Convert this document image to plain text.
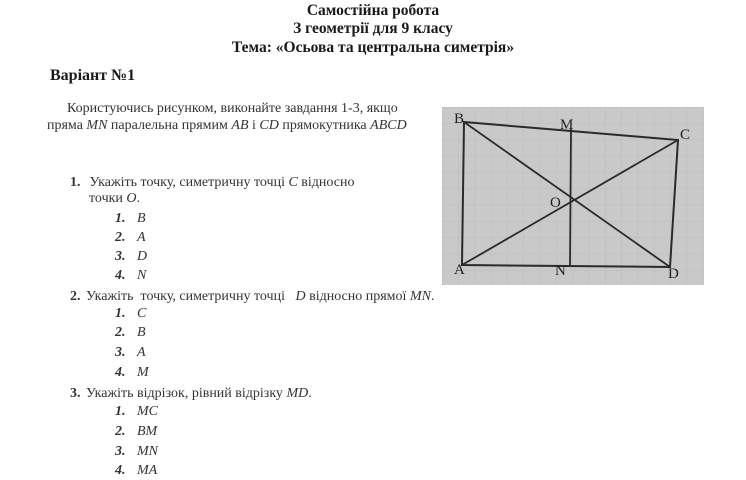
Самостійна робота
З геометрії для 9 класу
Тема: «Осьова та центральна симетрія»
Варіант №1
Користуючись рисунком, виконайте завдання 1-3, якщо пряма MN паралельна прямим AB і CD прямокутника ABCD
1. Укажіть точку, симетричну точці C відносно
точки O.
1. B
2. A
3. D
4. N
2. Укажіть  точку, симетричну точці   D відносно прямої MN.
1. C
2. B
3. A
4. M
3. Укажіть відрізок, рівний відрізку MD.
1. MC
2. BM
3. MN
4. MA
B	M
C
O
A	N	D
